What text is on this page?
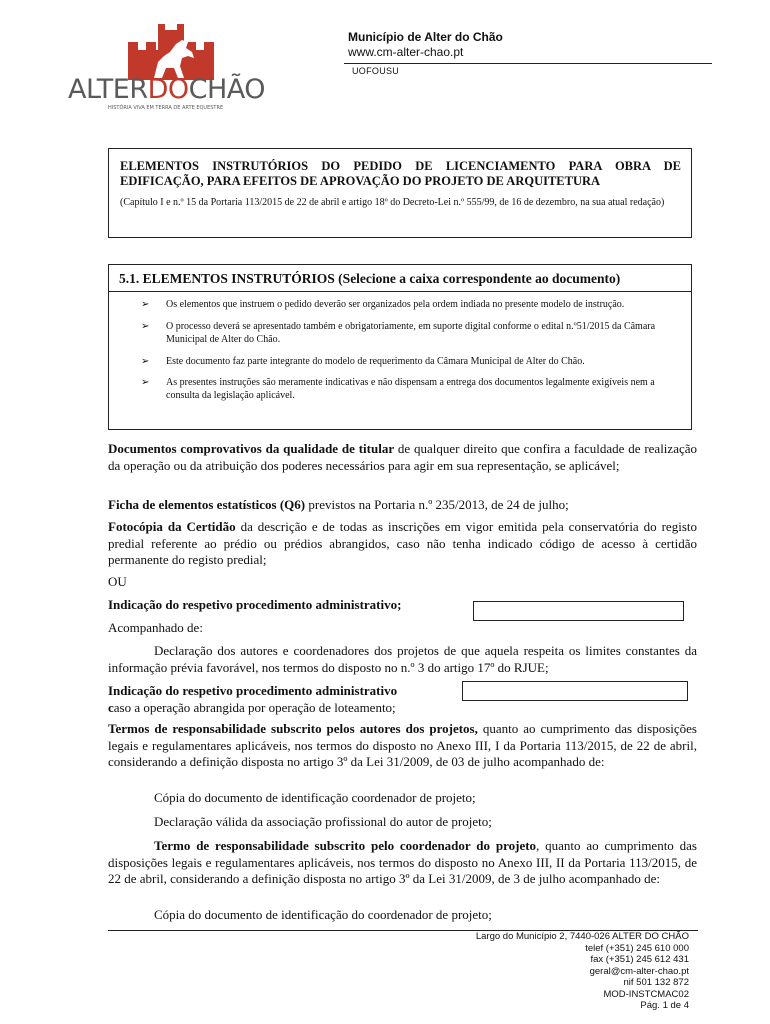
ALTERDOCHÃO
HISTÓRIA VIVA EM TERRA DE ARTE EQUESTRE
Município de Alter do Chão
www.cm-alter-chao.pt
UOFOUSU
ELEMENTOS INSTRUTÓRIOS DO PEDIDO DE LICENCIAMENTO PARA OBRA DE
EDIFICAÇÃO, PARA EFEITOS DE APROVAÇÃO DO PROJETO DE ARQUITETURA
(Capítulo I e n.º 15 da Portaria 113/2015 de 22 de abril e artigo 18º do Decreto-Lei n.º 555/99, de 16 de dezembro, na sua atual redação)
5.1. ELEMENTOS INSTRUTÓRIOS (Selecione a caixa correspondente ao documento)
➢ Os elementos que instruem o pedido deverão ser organizados pela ordem indiada no presente modelo de instrução.
➢ O processo deverá se apresentado também e obrigatoriamente, em suporte digital conforme o edital n.º51/2015 da Câmara Municipal de Alter do Chão.
➢ Este documento faz parte integrante do modelo de requerimento da Câmara Municipal de Alter do Chão.
➢ As presentes instruções são meramente indicativas e não dispensam a entrega dos documentos legalmente exigíveis nem a consulta da legislação aplicável.
Documentos comprovativos da qualidade de titular de qualquer direito que confira a faculdade de realização da operação ou da atribuição dos poderes necessários para agir em sua representação, se aplicável;
Ficha de elementos estatísticos (Q6) previstos na Portaria n.º 235/2013, de 24 de julho;
Fotocópia da Certidão da descrição e de todas as inscrições em vigor emitida pela conservatória do registo predial referente ao prédio ou prédios abrangidos, caso não tenha indicado código de acesso à certidão permanente do registo predial;
OU
Indicação do respetivo procedimento administrativo;
Acompanhado de:
Declaração dos autores e coordenadores dos projetos de que aquela respeita os limites constantes da informação prévia favorável, nos termos do disposto no n.º 3 do artigo 17º do RJUE;
Indicação do respetivo procedimento administrativo
caso a operação abrangida por operação de loteamento;
Termos de responsabilidade subscrito pelos autores dos projetos, quanto ao cumprimento das disposições legais e regulamentares aplicáveis, nos termos do disposto no Anexo III, I da Portaria 113/2015, de 22 de abril, considerando a definição disposta no artigo 3º da Lei 31/2009, de 03 de julho acompanhado de:
Cópia do documento de identificação coordenador de projeto;
Declaração válida da associação profissional do autor de projeto;
Termo de responsabilidade subscrito pelo coordenador do projeto, quanto ao cumprimento das disposições legais e regulamentares aplicáveis, nos termos do disposto no Anexo III, II da Portaria 113/2015, de 22 de abril, considerando a definição disposta no artigo 3º da Lei 31/2009, de 3 de julho acompanhado de:
Cópia do documento de identificação do coordenador de projeto;
Largo do Município 2, 7440-026 ALTER DO CHÃO
telef (+351) 245 610 000
fax (+351) 245 612 431
geral@cm-alter-chao.pt
nif 501 132 872
MOD-INSTCMAC02
Pág. 1 de 4
